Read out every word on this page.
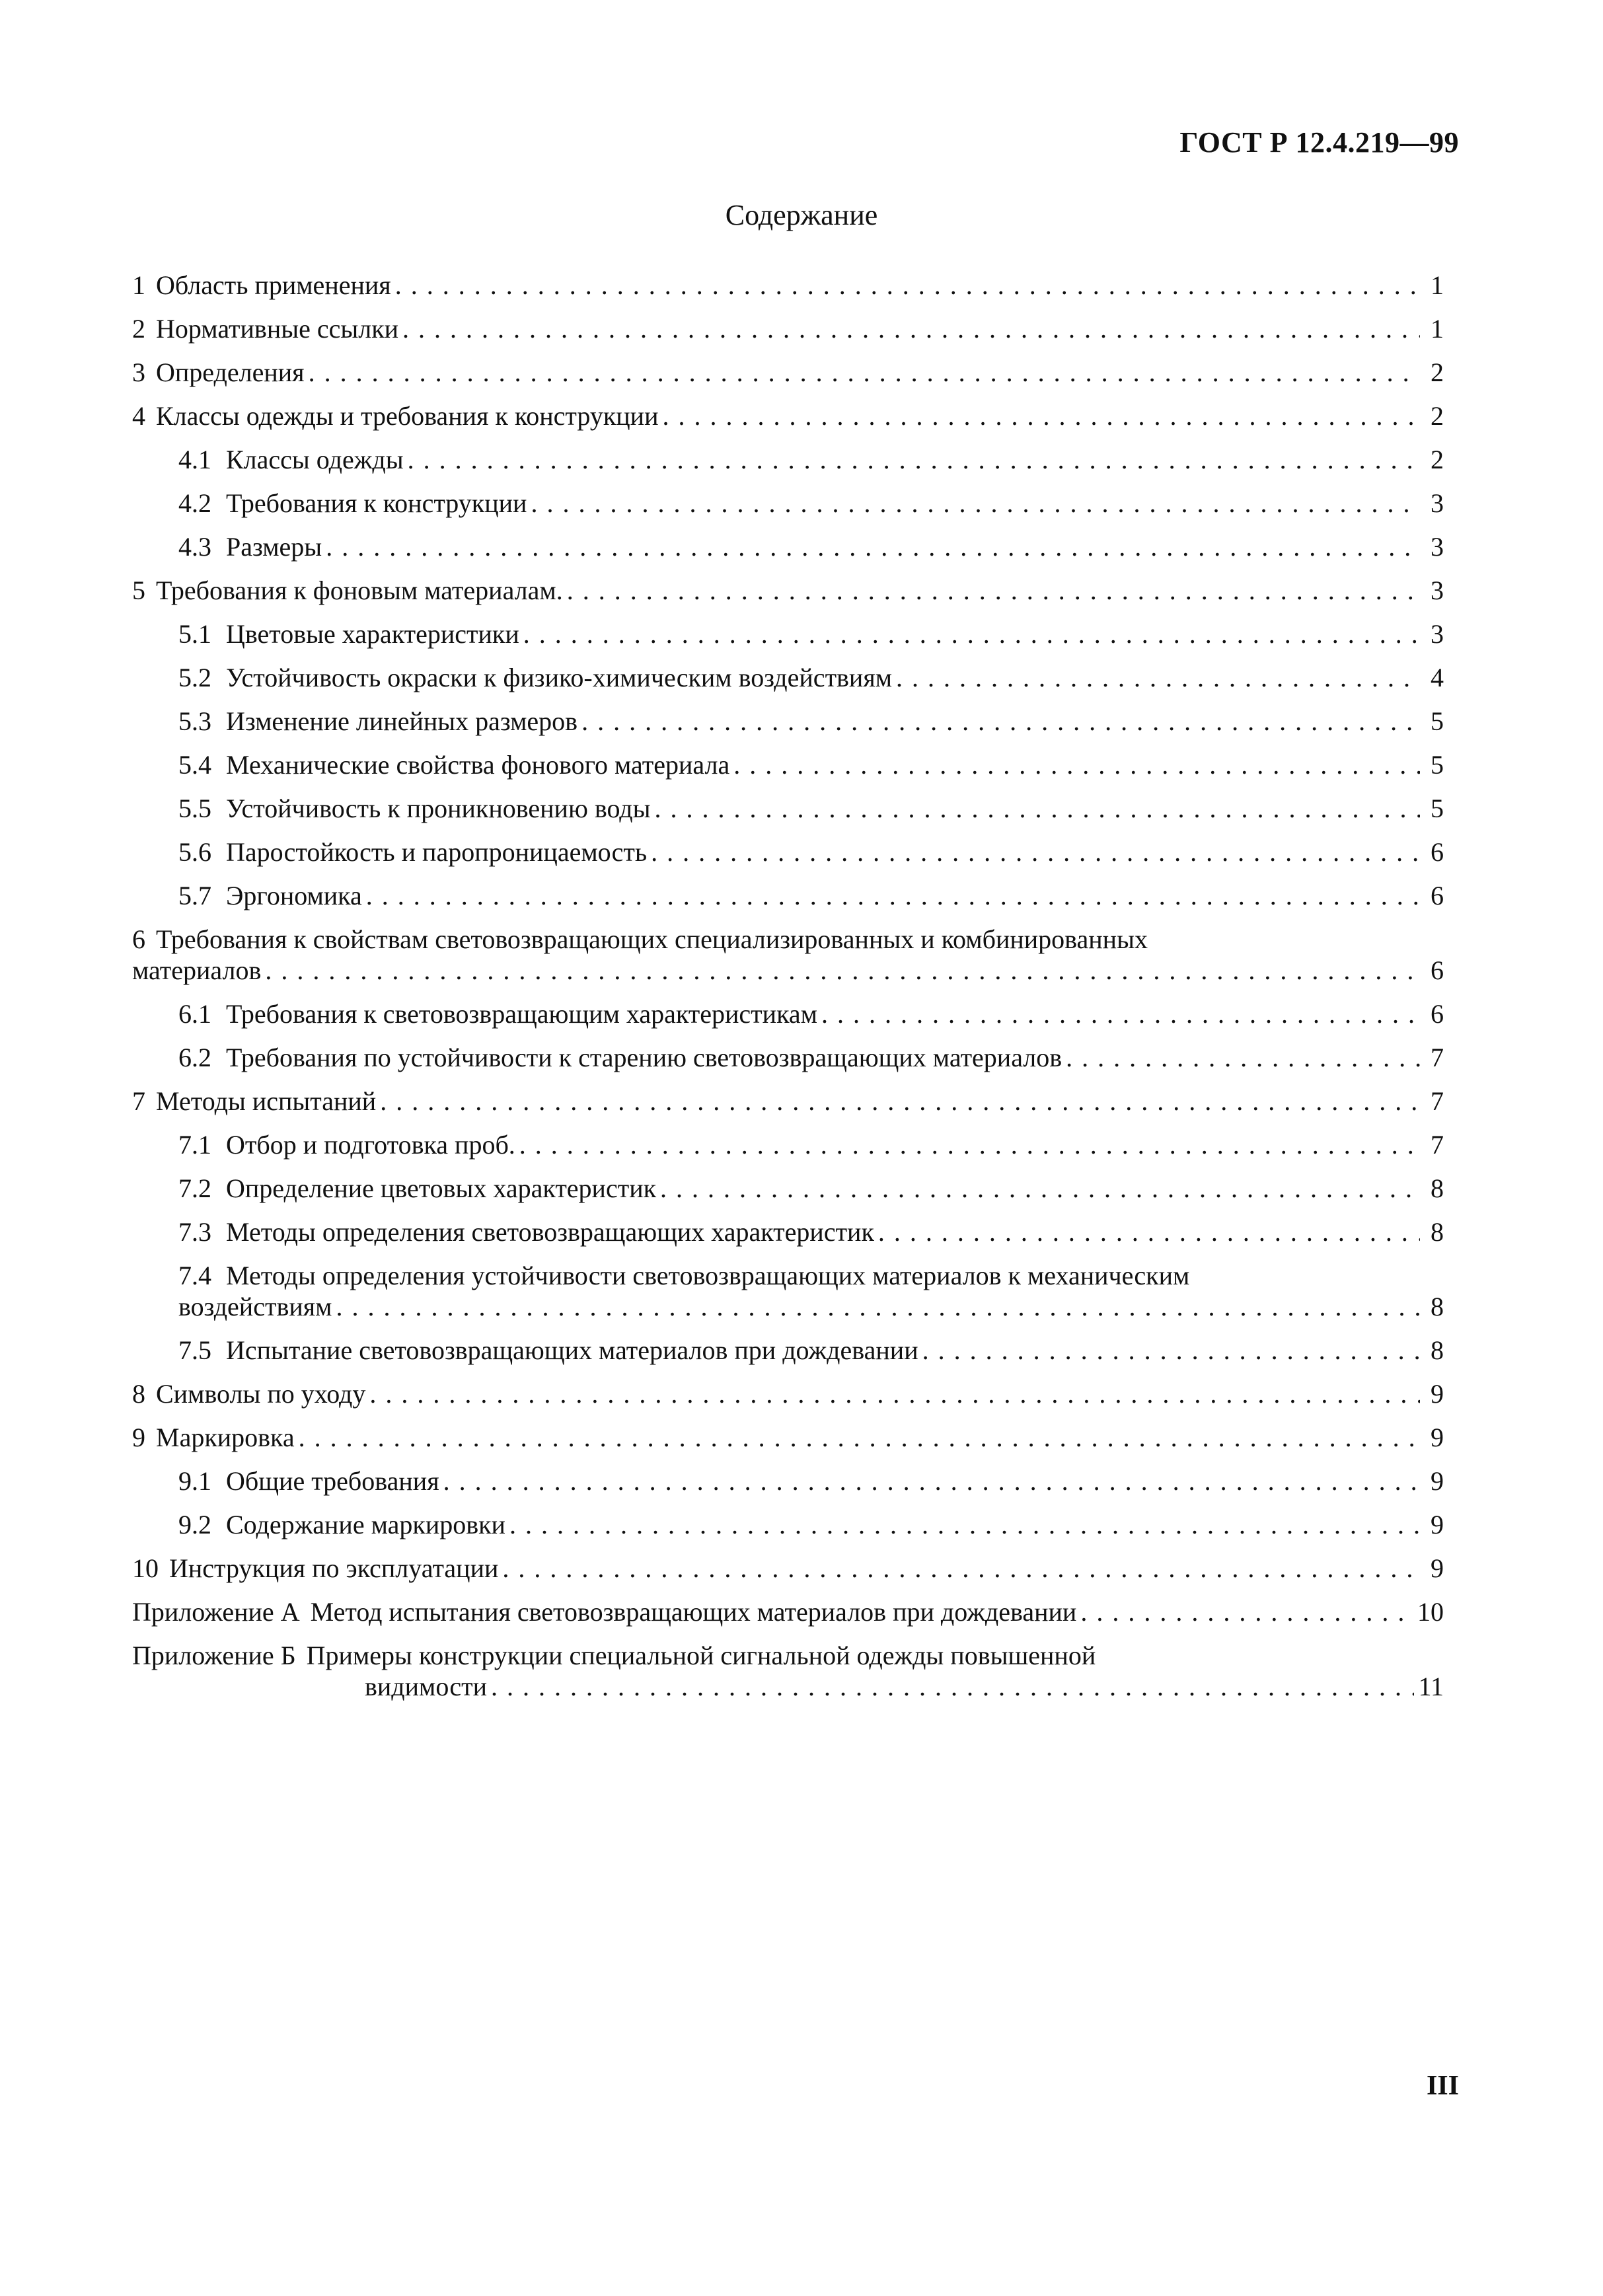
ГОСТ Р 12.4.219—99
Содержание
1 Область применения . . .	1
2 Нормативные ссылки . . .	1
3 Определения . . .	2
4 Классы одежды и требования к конструкции . . .	2
4.1 Классы одежды . . .	2
4.2 Требования к конструкции . . .	3
4.3 Размеры . . .	3
5 Требования к фоновым материалам. . . .	3
5.1 Цветовые характеристики . . .	3
5.2 Устойчивость окраски к физико-химическим воздействиям . . .	4
5.3 Изменение линейных размеров . . .	5
5.4 Механические свойства фонового материала . . .	5
5.5 Устойчивость к проникновению воды . . .	5
5.6 Паростойкость и паропроницаемость . . .	6
5.7 Эргономика . . .	6
6 Требования к свойствам световозвращающих специализированных и комбинированных
материалов . . .	6
6.1 Требования к световозвращающим характеристикам . . .	6
6.2 Требования по устойчивости к старению световозвращающих материалов . . .	7
7 Методы испытаний . . .	7
7.1 Отбор и подготовка проб. . . .	7
7.2 Определение цветовых характеристик . . .	8
7.3 Методы определения световозвращающих характеристик . . .	8
7.4 Методы определения устойчивости световозвращающих материалов к механическим
воздействиям . . .	8
7.5 Испытание световозвращающих материалов при дождевании . . .	8
8 Символы по уходу . . .	9
9 Маркировка . . .	9
9.1 Общие требования . . .	9
9.2 Содержание маркировки . . .	9
10 Инструкция по эксплуатации . . .	9
Приложение А Метод испытания световозвращающих материалов при дождевании . . .	10
Приложение Б Примеры конструкции специальной сигнальной одежды повышенной
видимости . . .	11
III
